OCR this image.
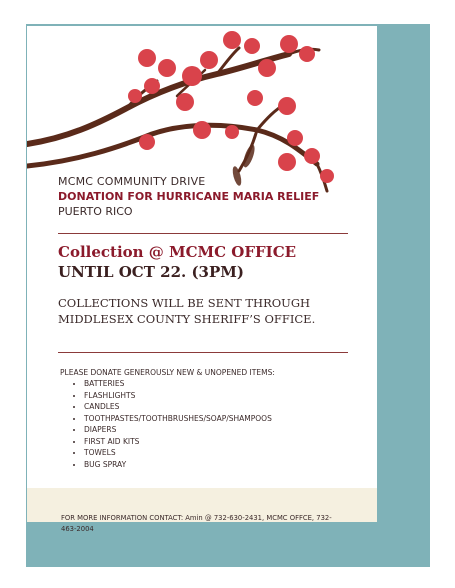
MCMC COMMUNITY DRIVE
DONATION FOR HURRICANE MARIA RELIEF
PUERTO RICO
Collection @ MCMC OFFICE
UNTIL OCT 22. (3PM)
COLLECTIONS WILL BE SENT THROUGH
MIDDLESEX COUNTY SHERIFF’S OFFICE.
PLEASE DONATE GENEROUSLY NEW & UNOPENED ITEMS:
• BATTERIES
• FLASHLIGHTS
• CANDLES
• TOOTHPASTES/TOOTHBRUSHES/SOAP/SHAMPOOS
• DIAPERS
• FIRST AID KITS
• TOWELS
• BUG SPRAY
FOR MORE INFORMATION CONTACT: Amin @ 732-630-2431, MCMC OFFCE, 732-463-2004
